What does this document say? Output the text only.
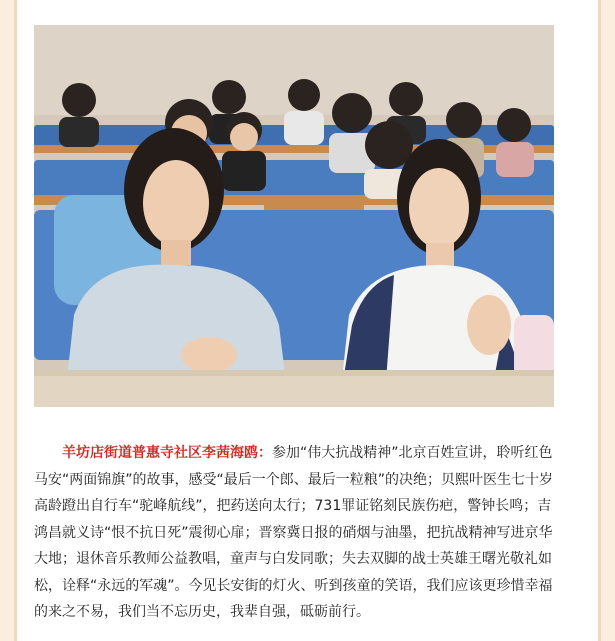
羊坊店街道普惠寺社区李茜海鸥：参加“伟大抗战精神”北京百姓宣讲，聆听红色马安“两面锦旗”的故事，感受“最后一个郎、最后一粒粮”的决绝；贝熙叶医生七十岁高龄蹬出自行车“驼峰航线”，把药送向太行；731罪证铭刻民族伤疤，警钟长鸣；吉鸿昌就义诗“恨不抗日死”震彻心扉；晋察冀日报的硝烟与油墨，把抗战精神写进京华大地；退休音乐教师公益教唱，童声与白发同歌；失去双脚的战士英雄王曙光敬礼如松，诠释“永远的军魂”。今见长安街的灯火、听到孩童的笑语，我们应该更珍惜幸福的来之不易，我们当不忘历史，我辈自强，砥砺前行。
